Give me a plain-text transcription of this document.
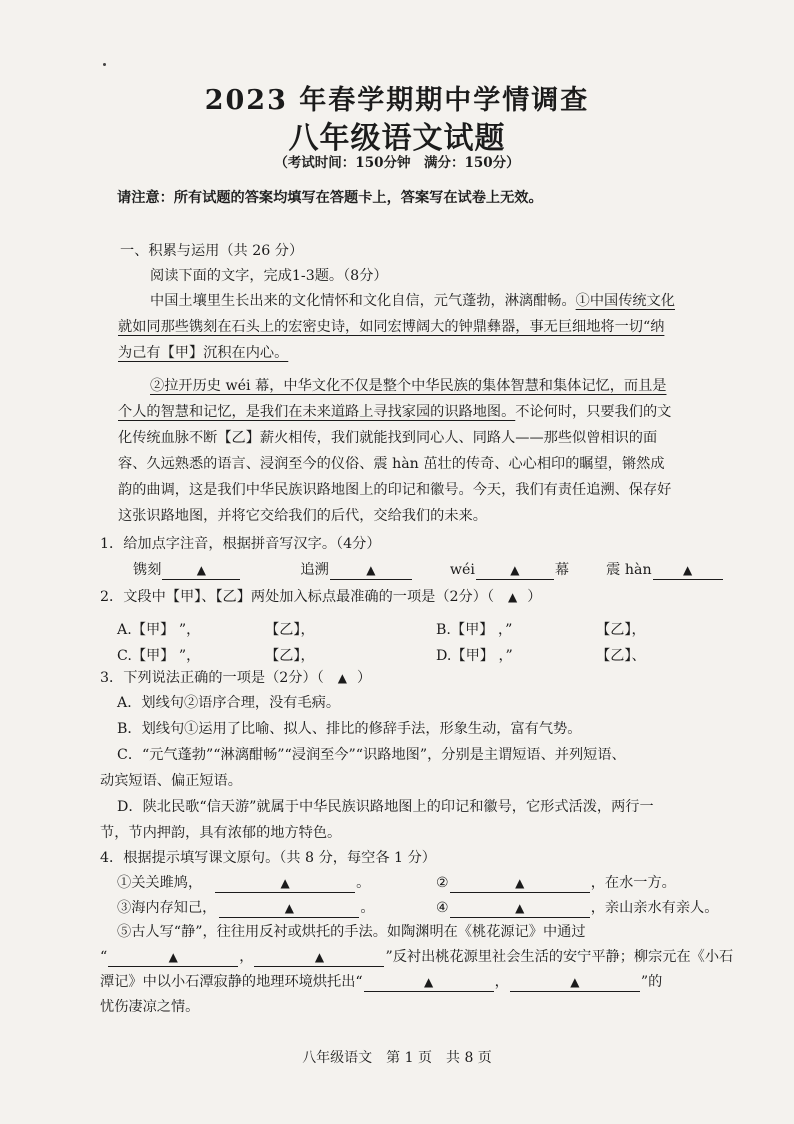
2023 年春学期期中学情调查
八年级语文试题
（考试时间：150分钟　满分：150分）
请注意：所有试题的答案均填写在答题卡上，答案写在试卷上无效。
一、积累与运用（共 26 分）
阅读下面的文字，完成1-3题。（8分）
中国土壤里生长出来的文化情怀和文化自信，元气蓬勃，淋漓酣畅。①中国传统文化
就如同那些镌刻在石头上的宏密史诗，如同宏博阔大的钟鼎彝器，事无巨细地将一切“纳
为己有【甲】沉积在内心。
②拉开历史 wéi 幕，中华文化不仅是整个中华民族的集体智慧和集体记忆，而且是
个人的智慧和记忆，是我们在未来道路上寻找家园的识路地图。不论何时，只要我们的文
化传统血脉不断【乙】薪火相传，我们就能找到同心人、同路人——那些似曾相识的面
容、久远熟悉的语言、浸润至今的仪俗、震 hàn 茁壮的传奇、心心相印的瞩望，锵然成
韵的曲调，这是我们中华民族识路地图上的印记和徽号。今天，我们有责任追溯、保存好
这张识路地图，并将它交给我们的后代，交给我们的未来。
1．给加点字注音，根据拼音写汉字。（4分）
镌刻	▲	追溯	▲	wéi	▲ 幕	震 hàn	▲
2．文段中【甲】、【乙】两处加入标点最准确的一项是（2分）（ ▲ ）
A.【甲】 ”，	【乙】，	B.【甲】 ，”	【乙】，
C.【甲】 ”，	【乙】，	D.【甲】 ，”	【乙】、
3．下列说法正确的一项是（2分）（ ▲ ）
A．划线句②语序合理，没有毛病。
B．划线句①运用了比喻、拟人、排比的修辞手法，形象生动，富有气势。
C．“元气蓬勃”“淋漓酣畅”“浸润至今”“识路地图”，分别是主谓短语、并列短语、
动宾短语、偏正短语。
D．陕北民歌“信天游”就属于中华民族识路地图上的印记和徽号，它形式活泼，两行一
节，节内押韵，具有浓郁的地方特色。
4．根据提示填写课文原句。（共 8 分，每空各 1 分）
①关关雎鸠，	▲	。	②	▲	，在水一方。
③海内存知己，	▲	。	④	▲	，亲山亲水有亲人。
⑤古人写“静”，往往用反衬或烘托的手法。如陶渊明在《桃花源记》中通过
“	▲	，	▲	”反衬出桃花源里社会生活的安宁平静；柳宗元在《小石
潭记》中以小石潭寂静的地理环境烘托出“	▲	，	▲	”的
忧伤凄凉之情。
八年级语文　第 1 页　共 8 页
